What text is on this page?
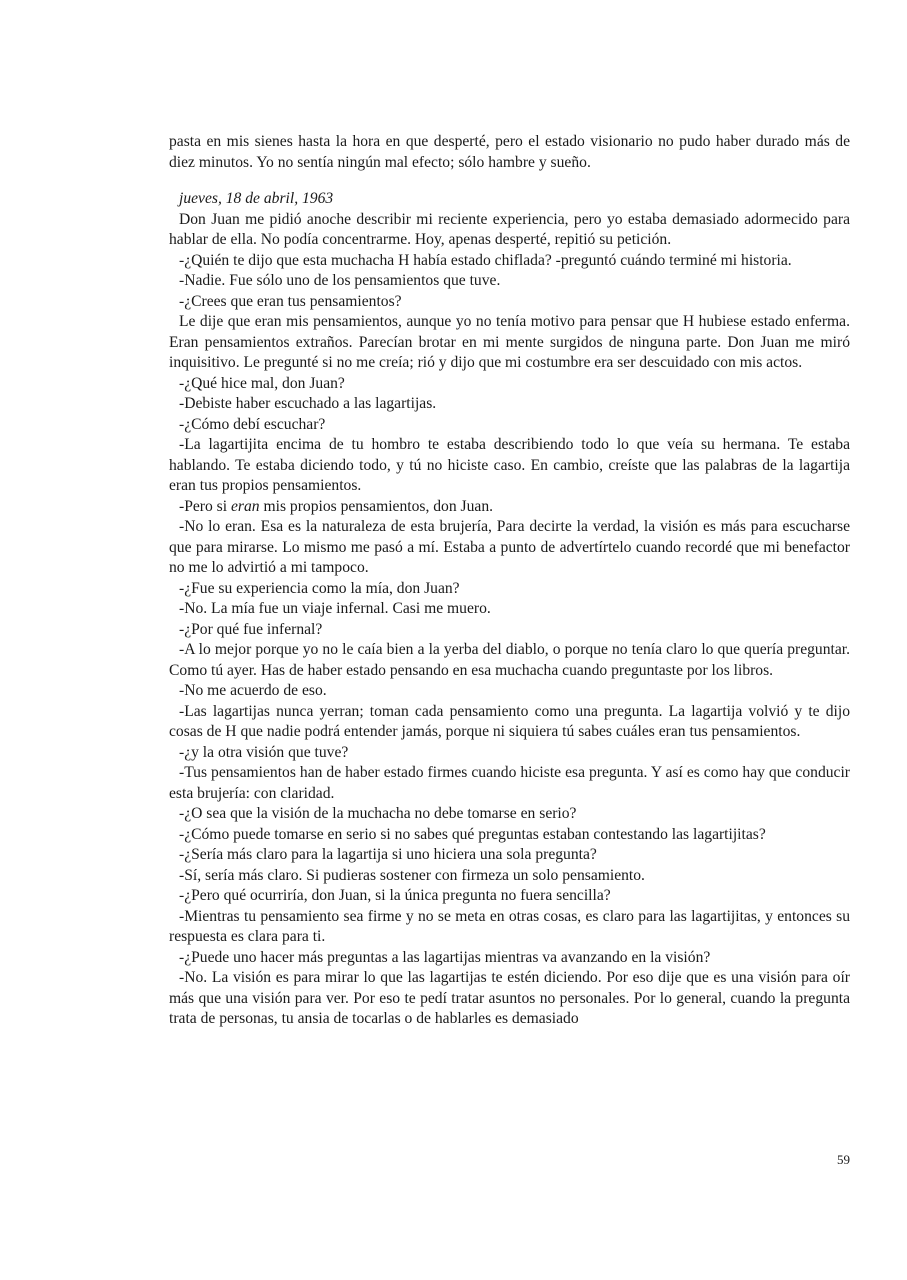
pasta en mis sienes hasta la hora en que desperté, pero el estado visionario no pudo haber durado más de diez minutos. Yo no sentía ningún mal efecto; sólo hambre y sueño.

jueves, 18 de abril, 1963

Don Juan me pidió anoche describir mi reciente experiencia, pero yo estaba demasiado adormecido para hablar de ella. No podía concentrarme. Hoy, apenas desperté, repitió su petición.

-¿Quién te dijo que esta muchacha H había estado chiflada? -preguntó cuándo terminé mi historia.

-Nadie. Fue sólo uno de los pensamientos que tuve.

-¿Crees que eran tus pensamientos?

Le dije que eran mis pensamientos, aunque yo no tenía motivo para pensar que H hubiese estado enferma. Eran pensamientos extraños. Parecían brotar en mi mente surgidos de ninguna parte. Don Juan me miró inquisitivo. Le pregunté si no me creía; rió y dijo que mi costumbre era ser descuidado con mis actos.

-¿Qué hice mal, don Juan?

-Debiste haber escuchado a las lagartijas.

-¿Cómo debí escuchar?

-La lagartijita encima de tu hombro te estaba describiendo todo lo que veía su hermana. Te estaba hablando. Te estaba diciendo todo, y tú no hiciste caso. En cambio, creíste que las palabras de la lagartija eran tus propios pensamientos.

-Pero si eran mis propios pensamientos, don Juan.

-No lo eran. Esa es la naturaleza de esta brujería, Para decirte la verdad, la visión es más para escucharse que para mirarse. Lo mismo me pasó a mí. Estaba a punto de advertírtelo cuando recordé que mi benefactor no me lo advirtió a mi tampoco.

-¿Fue su experiencia como la mía, don Juan?

-No. La mía fue un viaje infernal. Casi me muero.

-¿Por qué fue infernal?

-A lo mejor porque yo no le caía bien a la yerba del diablo, o porque no tenía claro lo que quería preguntar. Como tú ayer. Has de haber estado pensando en esa muchacha cuando preguntaste por los libros.

-No me acuerdo de eso.

-Las lagartijas nunca yerran; toman cada pensamiento como una pregunta. La lagartija volvió y te dijo cosas de H que nadie podrá entender jamás, porque ni siquiera tú sabes cuáles eran tus pensamientos.

-¿y la otra visión que tuve?

-Tus pensamientos han de haber estado firmes cuando hiciste esa pregunta. Y así es como hay que conducir esta brujería: con claridad.

-¿O sea que la visión de la muchacha no debe tomarse en serio?

-¿Cómo puede tomarse en serio si no sabes qué preguntas estaban contestando las lagartijitas?

-¿Sería más claro para la lagartija si uno hiciera una sola pregunta?

-Sí, sería más claro. Si pudieras sostener con firmeza un solo pensamiento.

-¿Pero qué ocurriría, don Juan, si la única pregunta no fuera sencilla?

-Mientras tu pensamiento sea firme y no se meta en otras cosas, es claro para las lagartijitas, y entonces su respuesta es clara para ti.

-¿Puede uno hacer más preguntas a las lagartijas mientras va avanzando en la visión?

-No. La visión es para mirar lo que las lagartijas te estén diciendo. Por eso dije que es una visión para oír más que una visión para ver. Por eso te pedí tratar asuntos no personales. Por lo general, cuando la pregunta trata de personas, tu ansia de tocarlas o de hablarles es demasiado

59
